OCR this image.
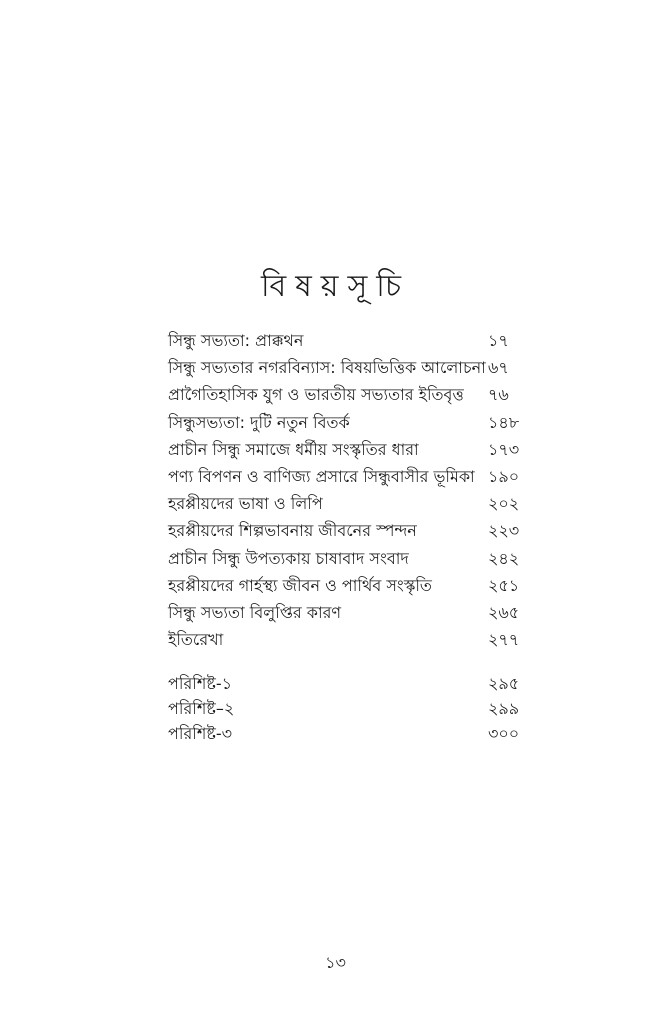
বিষয়সূচি
সিন্ধু সভ্যতা: প্রাক্কথন	১৭
সিন্ধু সভ্যতার নগরবিন্যাস: বিষয়ভিত্তিক আলোচনা ৬৭
প্রাগৈতিহাসিক যুগ ও ভারতীয় সভ্যতার ইতিবৃত্ত ৭৬
সিন্ধুসভ্যতা: দুটি নতুন বিতর্ক	১৪৮
প্রাচীন সিন্ধু সমাজে ধর্মীয় সংস্কৃতির ধারা	১৭৩
পণ্য বিপণন ও বাণিজ্য প্রসারে সিন্ধুবাসীর ভূমিকা ১৯০
হরপ্পীয়দের ভাষা ও লিপি	২০২
হরপ্পীয়দের শিল্পভাবনায় জীবনের স্পন্দন	২২৩
প্রাচীন সিন্ধু উপত্যকায় চাষাবাদ সংবাদ	২৪২
হরপ্পীয়দের গার্হস্থ্য জীবন ও পার্থিব সংস্কৃতি	২৫১
সিন্ধু সভ্যতা বিলুপ্তির কারণ	২৬৫
ইতিরেখা	২৭৭
পরিশিষ্ট-১	২৯৫
পরিশিষ্ট–২	২৯৯
পরিশিষ্ট-৩	৩০০
১৩
